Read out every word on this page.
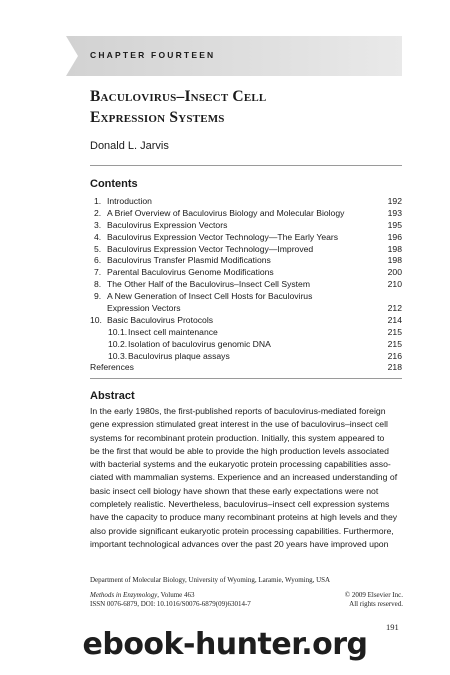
CHAPTER FOURTEEN
Baculovirus–Insect Cell
Expression Systems
Donald L. Jarvis
Contents
1. Introduction	192
2. A Brief Overview of Baculovirus Biology and Molecular Biology	193
3. Baculovirus Expression Vectors	195
4. Baculovirus Expression Vector Technology—The Early Years	196
5. Baculovirus Expression Vector Technology—Improved	198
6. Baculovirus Transfer Plasmid Modifications	198
7. Parental Baculovirus Genome Modifications	200
8. The Other Half of the Baculovirus–Insect Cell System	210
9. A New Generation of Insect Cell Hosts for Baculovirus
Expression Vectors	212
10. Basic Baculovirus Protocols	214
10.1. Insect cell maintenance	215
10.2. Isolation of baculovirus genomic DNA	215
10.3. Baculovirus plaque assays	216
References	218
Abstract
In the early 1980s, the first-published reports of baculovirus-mediated foreign
gene expression stimulated great interest in the use of baculovirus–insect cell
systems for recombinant protein production. Initially, this system appeared to
be the first that would be able to provide the high production levels associated
with bacterial systems and the eukaryotic protein processing capabilities asso-
ciated with mammalian systems. Experience and an increased understanding of
basic insect cell biology have shown that these early expectations were not
completely realistic. Nevertheless, baculovirus–insect cell expression systems
have the capacity to produce many recombinant proteins at high levels and they
also provide significant eukaryotic protein processing capabilities. Furthermore,
important technological advances over the past 20 years have improved upon
Department of Molecular Biology, University of Wyoming, Laramie, Wyoming, USA
Methods in Enzymology, Volume 463	© 2009 Elsevier Inc.
ISSN 0076-6879, DOI: 10.1016/S0076-6879(09)63014-7	All rights reserved.
191
ebook-hunter.org
